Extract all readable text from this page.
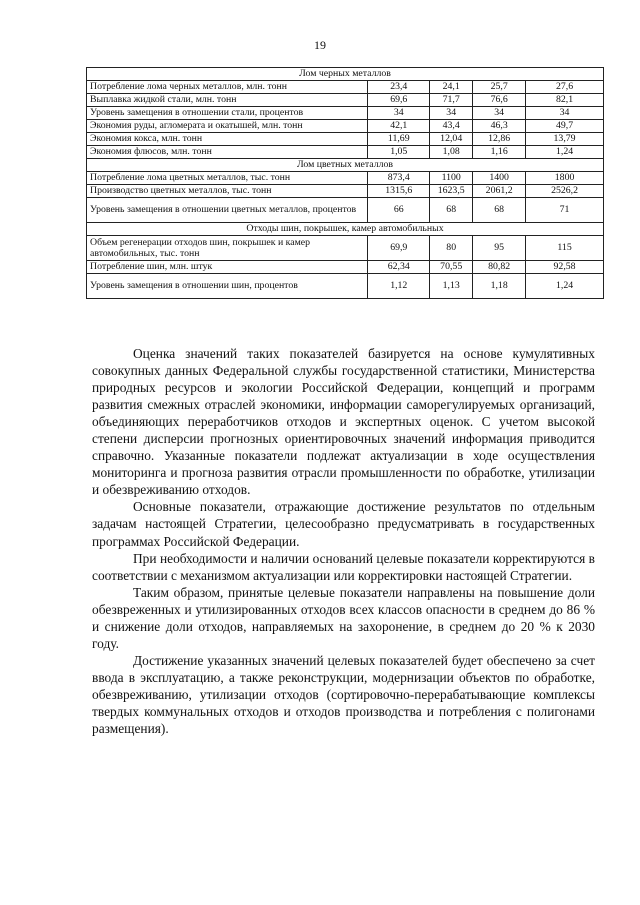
19
Лом черных металлов				
Потребление лома черных металлов, млн. тонн	23,4	24,1	25,7	27,6
Выплавка жидкой стали, млн. тонн	69,6	71,7	76,6	82,1
Уровень замещения в отношении стали, процентов	34	34	34	34
Экономия руды, агломерата и окатышей, млн. тонн	42,1	43,4	46,3	49,7
Экономия кокса, млн. тонн	11,69	12,04	12,86	13,79
Экономия флюсов, млн. тонн	1,05	1,08	1,16	1,24
Лом цветных металлов				
Потребление лома цветных металлов, тыс. тонн	873,4	1100	1400	1800
Производство цветных металлов, тыс. тонн	1315,6	1623,5	2061,2	2526,2
Уровень замещения в отношении цветных металлов, процентов	66	68	68	71
Отходы шин, покрышек, камер автомобильных				
Объем регенерации отходов шин, покрышек и камер автомобильных, тыс. тонн	69,9	80	95	115
Потребление шин, млн. штук	62,34	70,55	80,82	92,58
Уровень замещения в отношении шин, процентов	1,12	1,13	1,18	1,24

Оценка значений таких показателей базируется на основе кумулятивных совокупных данных Федеральной службы государственной статистики, Министерства природных ресурсов и экологии Российской Федерации, концепций и программ развития смежных отраслей экономики, информации саморегулируемых организаций, объединяющих переработчиков отходов и экспертных оценок. С учетом высокой степени дисперсии прогнозных ориентировочных значений информация приводится справочно. Указанные показатели подлежат актуализации в ходе осуществления мониторинга и прогноза развития отрасли промышленности по обработке, утилизации и обезвреживанию отходов.

Основные показатели, отражающие достижение результатов по отдельным задачам настоящей Стратегии, целесообразно предусматривать в государственных программах Российской Федерации.

При необходимости и наличии оснований целевые показатели корректируются в соответствии с механизмом актуализации или корректировки настоящей Стратегии.

Таким образом, принятые целевые показатели направлены на повышение доли обезвреженных и утилизированных отходов всех классов опасности в среднем до 86 % и снижение доли отходов, направляемых на захоронение, в среднем до 20 % к 2030 году.

Достижение указанных значений целевых показателей будет обеспечено за счет ввода в эксплуатацию, а также реконструкции, модернизации объектов по обработке, обезвреживанию, утилизации отходов (сортировочно-перерабатывающие комплексы твердых коммунальных отходов и отходов производства и потребления с полигонами размещения).
